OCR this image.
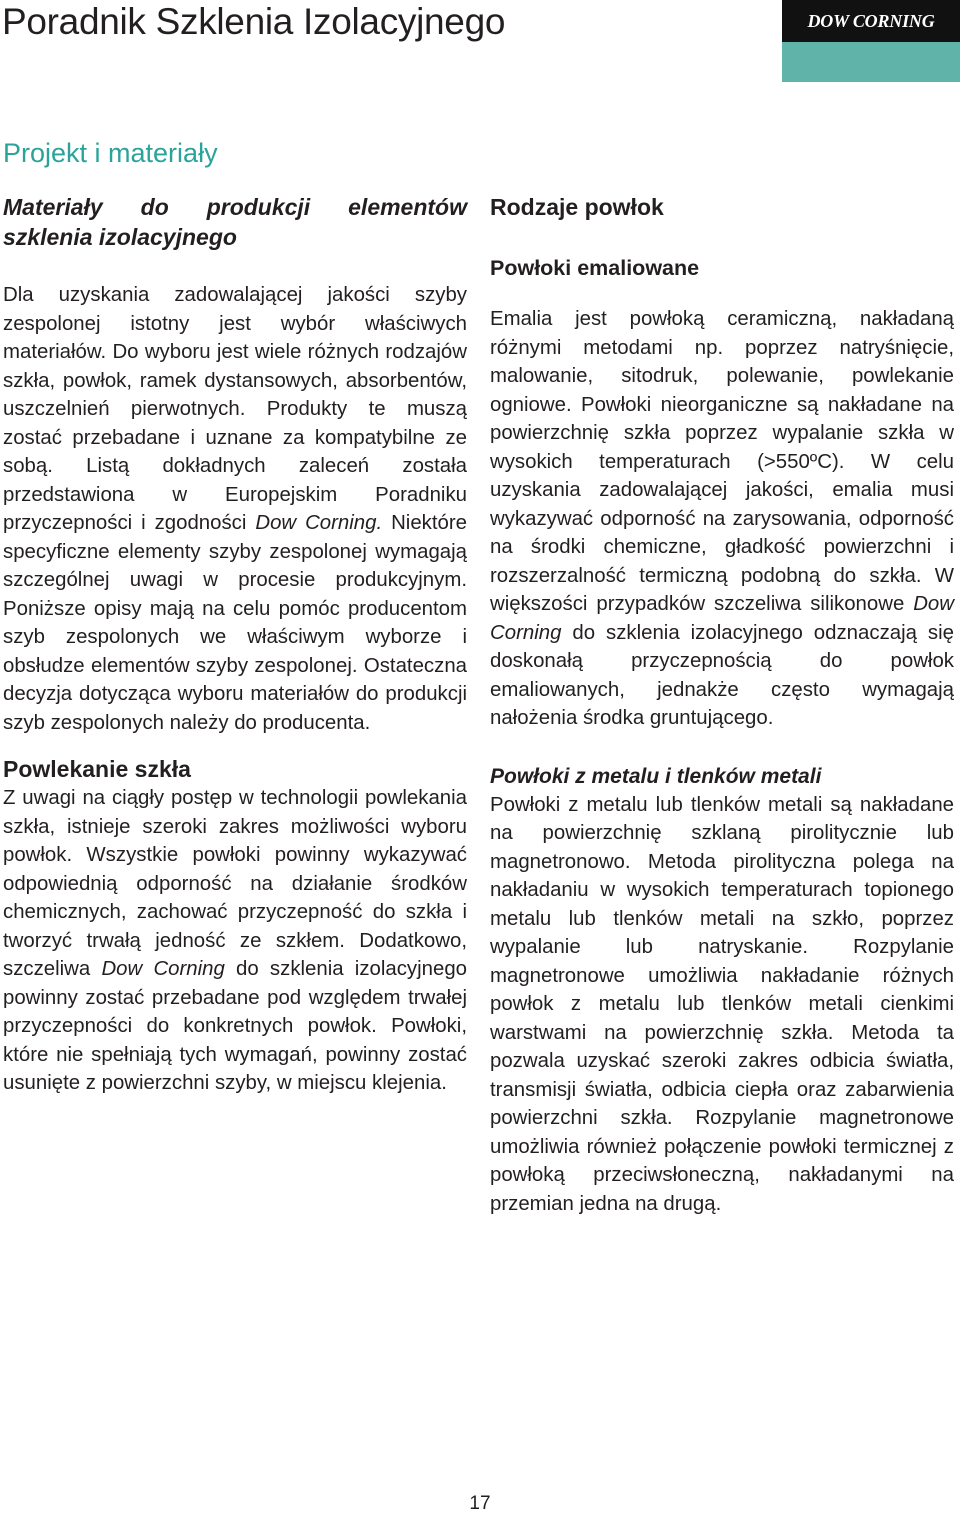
Poradnik Szklenia Izolacyjnego	DOW CORNING
Projekt i materiały
Materiały do produkcji elementów szklenia izolacyjnego

Dla uzyskania zadowalającej jakości szyby zespolonej istotny jest wybór właściwych materiałów. Do wyboru jest wiele różnych rodzajów szkła, powłok, ramek dystansowych, absorbentów, uszczelnień pierwotnych. Produkty te muszą zostać przebadane i uznane za kompatybilne ze sobą. Listą dokładnych zaleceń została przedstawiona w Europejskim Poradniku przyczepności i zgodności Dow Corning. Niektóre specyficzne elementy szyby zespolonej wymagają szczególnej uwagi w procesie produkcyjnym. Poniższe opisy mają na celu pomóc producentom szyb zespolonych we właściwym wyborze i obsłudze elementów szyby zespolonej. Ostateczna decyzja dotycząca wyboru materiałów do produkcji szyb zespolonych należy do producenta.

Powlekanie szkła

Z uwagi na ciągły postęp w technologii powlekania szkła, istnieje szeroki zakres możliwości wyboru powłok. Wszystkie powłoki powinny wykazywać odpowiednią odporność na działanie środków chemicznych, zachować przyczepność do szkła i tworzyć trwałą jedność ze szkłem. Dodatkowo, szczeliwa Dow Corning do szklenia izolacyjnego powinny zostać przebadane pod względem trwałej przyczepności do konkretnych powłok. Powłoki, które nie spełniają tych wymagań, powinny zostać usunięte z powierzchni szyby, w miejscu klejenia.

Rodzaje powłok
Powłoki emaliowane

Emalia jest powłoką ceramiczną, nakładaną różnymi metodami np. poprzez natryśnięcie, malowanie, sitodruk, polewanie, powlekanie ogniowe. Powłoki nieorganiczne są nakładane na powierzchnię szkła poprzez wypalanie szkła w wysokich temperaturach (>550ºC). W celu uzyskania zadowalającej jakości, emalia musi wykazywać odporność na zarysowania, odporność na środki chemiczne, gładkość powierzchni i rozszerzalność termiczną podobną do szkła. W większości przypadków szczeliwa silikonowe Dow Corning do szklenia izolacyjnego odznaczają się doskonałą przyczepnością do powłok emaliowanych, jednakże często wymagają nałożenia środka gruntującego.

Powłoki z metalu i tlenków metali

Powłoki z metalu lub tlenków metali są nakładane na powierzchnię szklaną pirolitycznie lub magnetronowo. Metoda pirolityczna polega na nakładaniu w wysokich temperaturach topionego metalu lub tlenków metali na szkło, poprzez wypalanie lub natryskanie. Rozpylanie magnetronowe umożliwia nakładanie różnych powłok z metalu lub tlenków metali cienkimi warstwami na powierzchnię szkła. Metoda ta pozwala uzyskać szeroki zakres odbicia światła, transmisji światła, odbicia ciepła oraz zabarwienia powierzchni szkła. Rozpylanie magnetronowe umożliwia również połączenie powłoki termicznej z powłoką przeciwsłoneczną, nakładanymi na przemian jedna na drugą.

17
